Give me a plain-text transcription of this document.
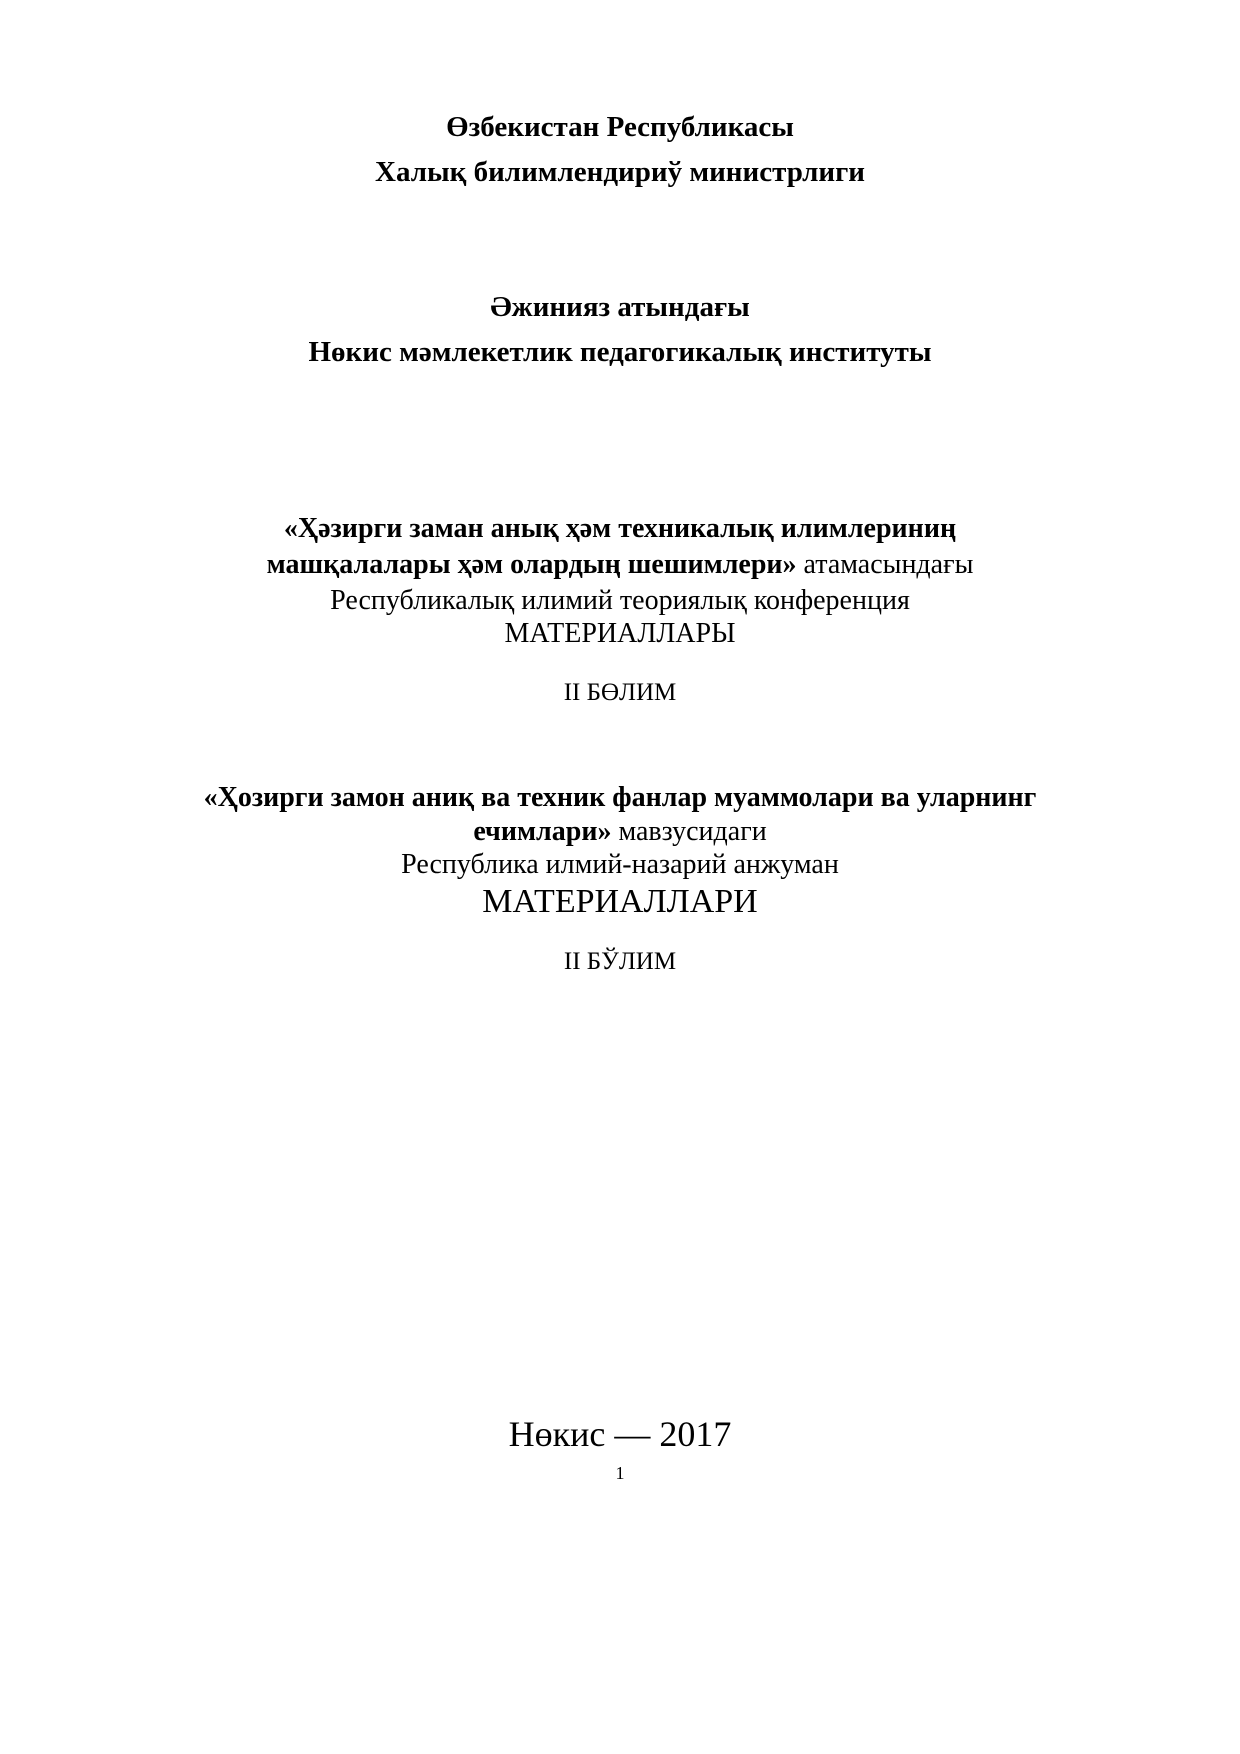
Өзбекистан Республикасы
Халық билимлендириў министрлиги
Әжинияз атындағы
Нөкис мәмлекетлик педагогикалық институты
«Ҳәзирги заман анық ҳәм техникалық илимлериниң
машқалалары ҳәм олардың шешимлери» атамасындағы
Республикалық илимий теориялық конференция
МАТЕРИАЛЛАРЫ
II БӨЛИМ
«Ҳозирги замон аниқ ва техник фанлар муаммолари ва уларнинг
ечимлари» мавзусидаги
Республика илмий-назарий анжуман
МАТЕРИАЛЛАРИ
II БЎЛИМ
Нөкис — 2017
1
